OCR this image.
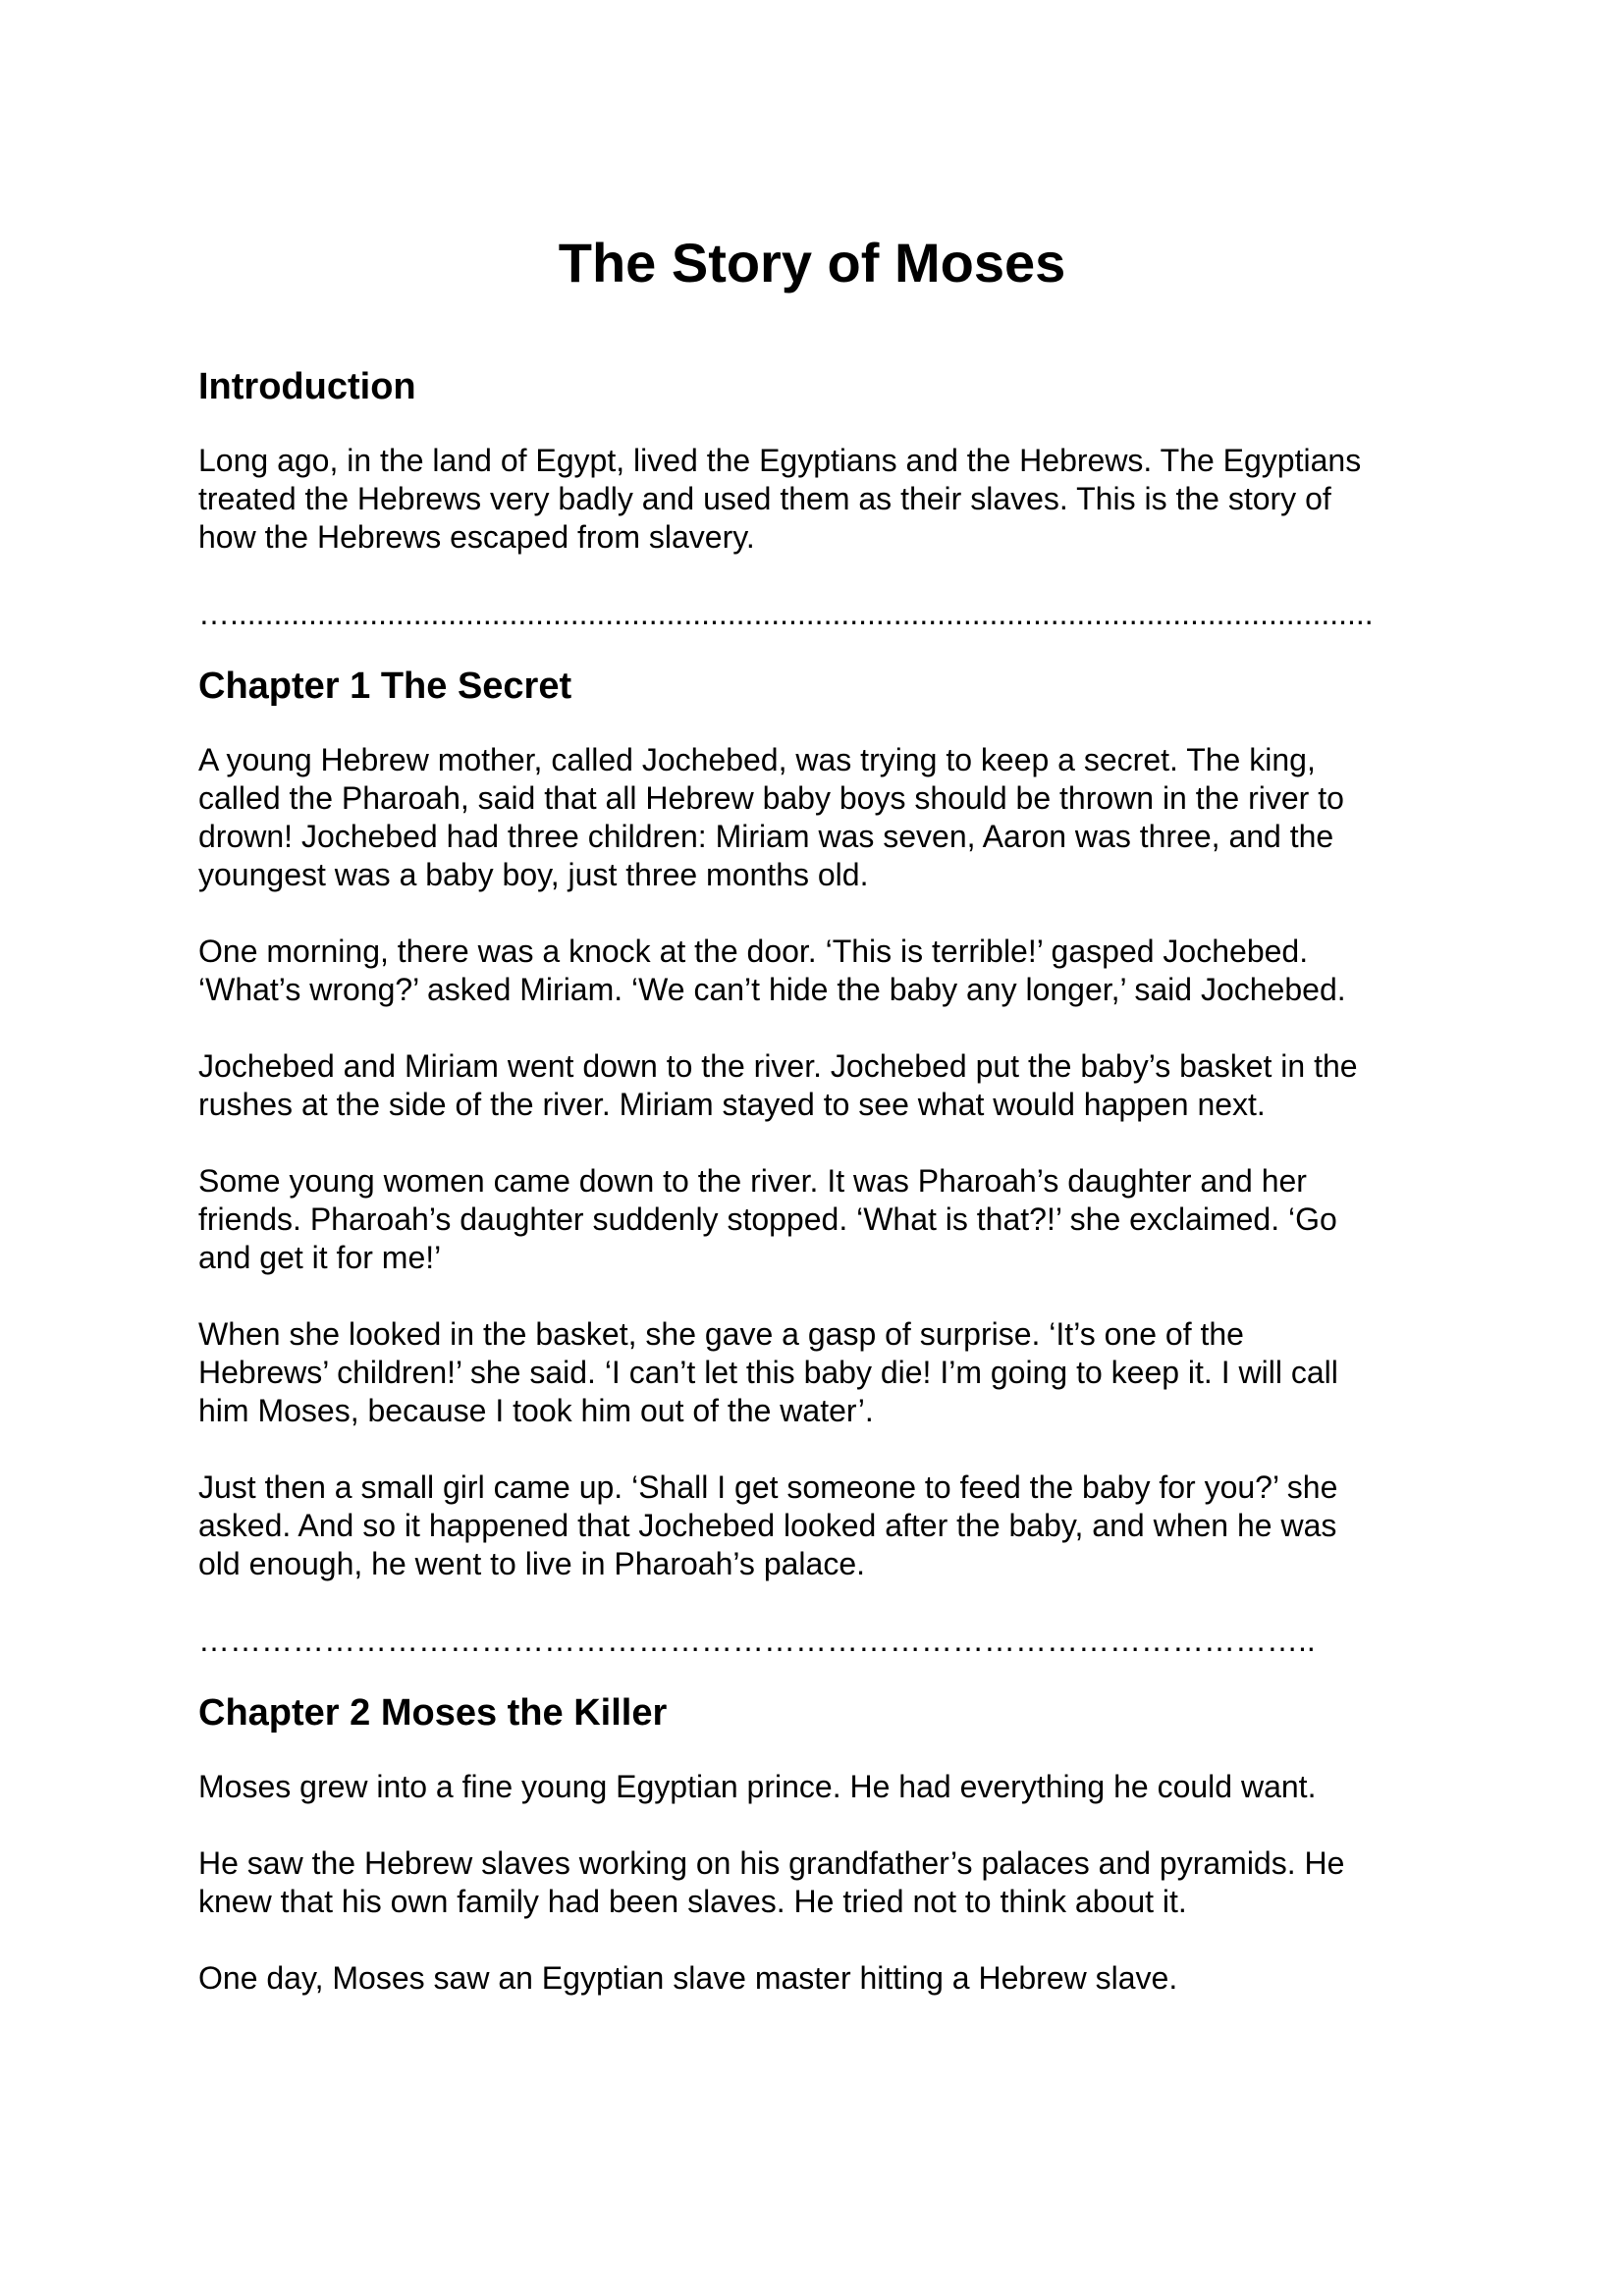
The Story of Moses
Introduction

Long ago, in the land of Egypt, lived the Egyptians and the Hebrews. The Egyptians
treated the Hebrews very badly and used them as their slaves. This is the story of
how the Hebrews escaped from slavery.

…...................................................................................................................................
Chapter 1 The Secret

A young Hebrew mother, called Jochebed, was trying to keep a secret. The king,
called the Pharoah, said that all Hebrew baby boys should be thrown in the river to
drown! Jochebed had three children: Miriam was seven, Aaron was three, and the
youngest was a baby boy, just three months old.

One morning, there was a knock at the door. ‘This is terrible!’ gasped Jochebed.
‘What’s wrong?’ asked Miriam. ‘We can’t hide the baby any longer,’ said Jochebed.

Jochebed and Miriam went down to the river. Jochebed put the baby’s basket in the
rushes at the side of the river. Miriam stayed to see what would happen next.

Some young women came down to the river. It was Pharoah’s daughter and her
friends. Pharoah’s daughter suddenly stopped. ‘What is that?!’ she exclaimed. ‘Go
and get it for me!’

When she looked in the basket, she gave a gasp of surprise. ‘It’s one of the
Hebrews’ children!’ she said. ‘I can’t let this baby die! I’m going to keep it. I will call
him Moses, because I took him out of the water’.

Just then a small girl came up. ‘Shall I get someone to feed the baby for you?’ she
asked. And so it happened that Jochebed looked after the baby, and when he was
old enough, he went to live in Pharoah’s palace.

……………………………………………………………………………………………..
Chapter 2 Moses the Killer

Moses grew into a fine young Egyptian prince. He had everything he could want.

He saw the Hebrew slaves working on his grandfather’s palaces and pyramids. He
knew that his own family had been slaves. He tried not to think about it.

One day, Moses saw an Egyptian slave master hitting a Hebrew slave.
